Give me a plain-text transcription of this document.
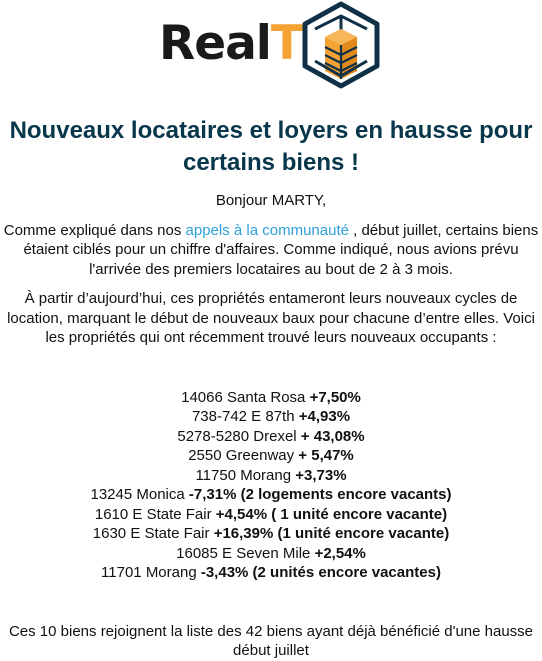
RealT
Nouveaux locataires et loyers en hausse pour certains biens !

Bonjour MARTY,

Comme expliqué dans nos appels à la communauté , début juillet, certains biens étaient ciblés pour un chiffre d'affaires. Comme indiqué, nous avions prévu l'arrivée des premiers locataires au bout de 2 à 3 mois.

À partir d’aujourd’hui, ces propriétés entameront leurs nouveaux cycles de location, marquant le début de nouveaux baux pour chacune d’entre elles. Voici les propriétés qui ont récemment trouvé leurs nouveaux occupants :

14066 Santa Rosa +7,50%
738-742 E 87th +4,93%
5278-5280 Drexel + 43,08%
2550 Greenway + 5,47%
11750 Morang +3,73%
13245 Monica -7,31% (2 logements encore vacants)
1610 E State Fair +4,54% ( 1 unité encore vacante)
1630 E State Fair +16,39% (1 unité encore vacante)
16085 E Seven Mile +2,54%
11701 Morang -3,43% (2 unités encore vacantes)

Ces 10 biens rejoignent la liste des 42 biens ayant déjà bénéficié d'une hausse début juillet
